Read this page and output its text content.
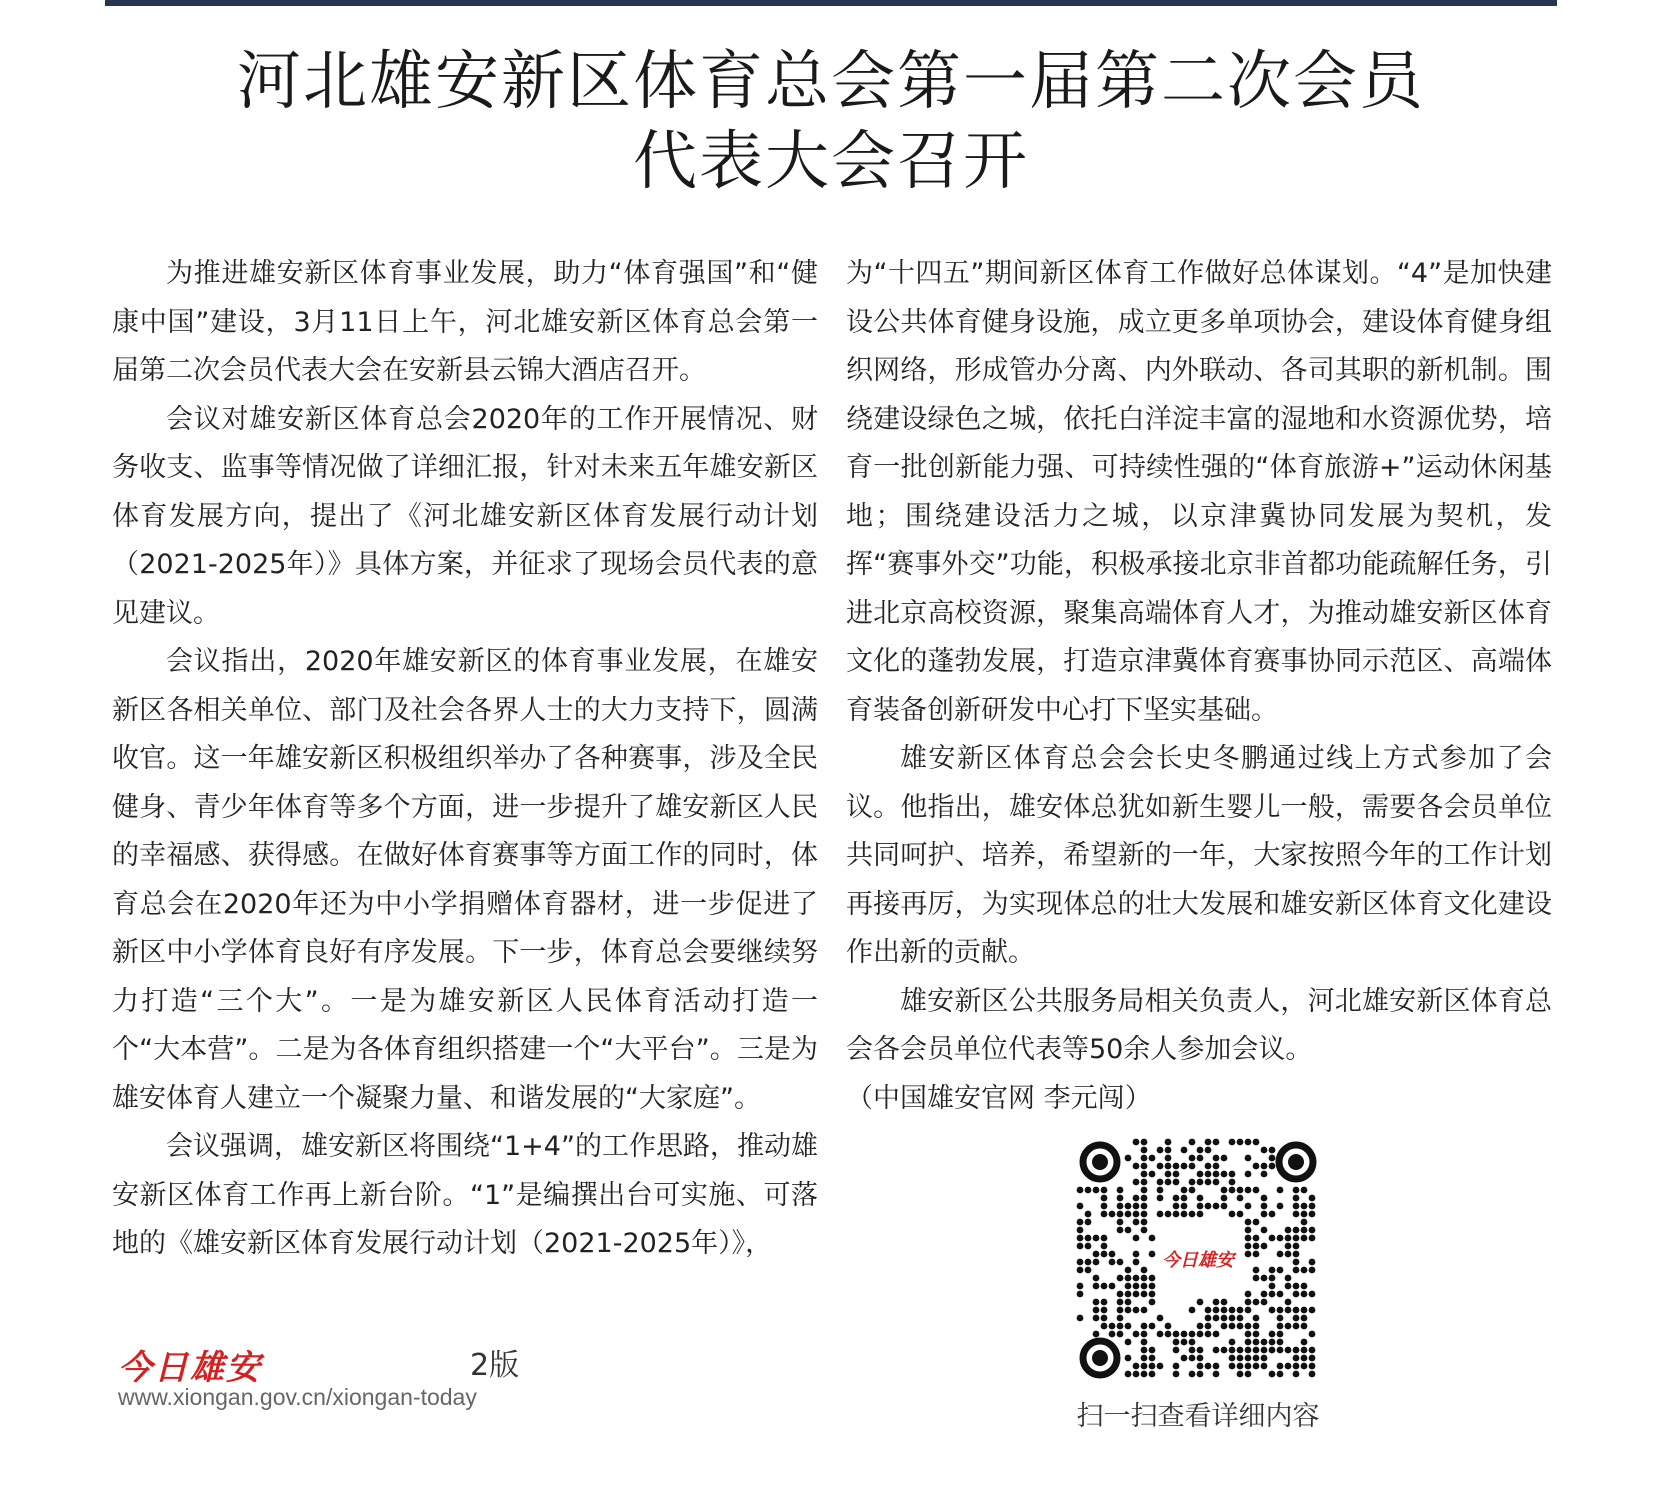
河北雄安新区体育总会第一届第二次会员
代表大会召开

为推进雄安新区体育事业发展，助力“体育强国”和“健康中国”建设，3月11日上午，河北雄安新区体育总会第一届第二次会员代表大会在安新县云锦大酒店召开。

会议对雄安新区体育总会2020年的工作开展情况、财务收支、监事等情况做了详细汇报，针对未来五年雄安新区体育发展方向，提出了《河北雄安新区体育发展行动计划（2021-2025年）》具体方案，并征求了现场会员代表的意见建议。

会议指出，2020年雄安新区的体育事业发展，在雄安新区各相关单位、部门及社会各界人士的大力支持下，圆满收官。这一年雄安新区积极组织举办了各种赛事，涉及全民健身、青少年体育等多个方面，进一步提升了雄安新区人民的幸福感、获得感。在做好体育赛事等方面工作的同时，体育总会在2020年还为中小学捐赠体育器材，进一步促进了新区中小学体育良好有序发展。下一步，体育总会要继续努力打造“三个大”。一是为雄安新区人民体育活动打造一个“大本营”。二是为各体育组织搭建一个“大平台”。三是为雄安体育人建立一个凝聚力量、和谐发展的“大家庭”。

会议强调，雄安新区将围绕“1+4”的工作思路，推动雄安新区体育工作再上新台阶。“1”是编撰出台可实施、可落地的《雄安新区体育发展行动计划（2021-2025年）》，

为“十四五”期间新区体育工作做好总体谋划。“4”是加快建设公共体育健身设施，成立更多单项协会，建设体育健身组织网络，形成管办分离、内外联动、各司其职的新机制。围绕建设绿色之城，依托白洋淀丰富的湿地和水资源优势，培育一批创新能力强、可持续性强的“体育旅游+”运动休闲基地；围绕建设活力之城，以京津冀协同发展为契机，发挥“赛事外交”功能，积极承接北京非首都功能疏解任务，引进北京高校资源，聚集高端体育人才，为推动雄安新区体育文化的蓬勃发展，打造京津冀体育赛事协同示范区、高端体育装备创新研发中心打下坚实基础。

雄安新区体育总会会长史冬鹏通过线上方式参加了会议。他指出，雄安体总犹如新生婴儿一般，需要各会员单位共同呵护、培养，希望新的一年，大家按照今年的工作计划再接再厉，为实现体总的壮大发展和雄安新区体育文化建设作出新的贡献。

雄安新区公共服务局相关负责人，河北雄安新区体育总会各会员单位代表等50余人参加会议。

（中国雄安官网 李元闯）

今日雄安	2版
www.xiongan.gov.cn/xiongan-today
今日雄安
扫一扫查看详细内容
